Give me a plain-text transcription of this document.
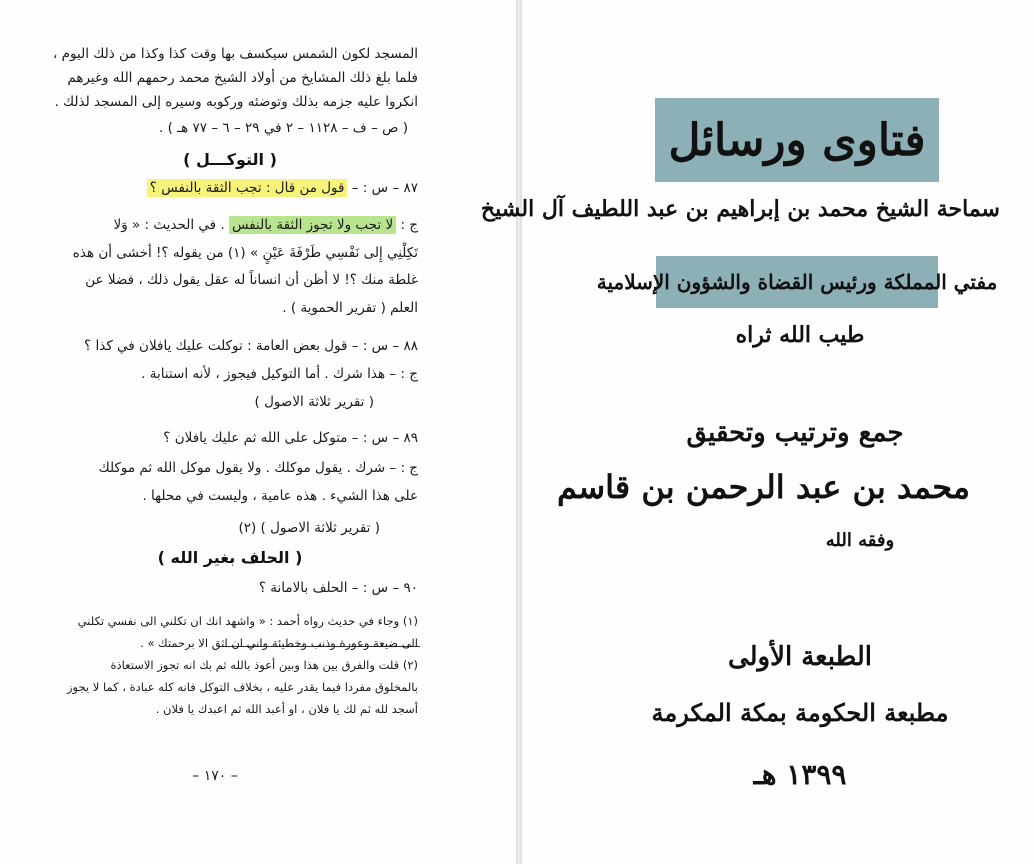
المسجد لكون الشمس سيكسف بها وقت كذا وكذا من ذلك اليوم ،
فلما بلغ ذلك المشايخ من أولاد الشيخ محمد رحمهم الله وغيرهم
انكروا عليه جزمه بذلك وتوضئه وركوبه وسيره إلى المسجد لذلك .
( ص – ف – ١١٢٨ – ٢ في ٢٩ – ٦ – ٧٧ هـ ) .
( التوكـــل )
٨٧ – س : – قول من قال : تجب الثقة بالنفس ؟
ج : لا تجب ولا تجوز الثقة بالنفس . في الحديث : « وَلا
تَكِلْنِي إِلى نَفْسِي طَرْفَةَ عَيْنٍ » (١) من يقوله ؟! أخشى أن هذه
غلطة منك ؟! لا أظن أن انساناً له عقل يقول ذلك ، فضلا عن
العلم ( تقرير الحموية ) .
٨٨ – س : – قول بعض العامة : توكلت عليك يافلان في كذا ؟
ج : – هذا شرك . أما التوكيل فيجوز ، لأنه استنابة .
( تقرير ثلاثة الاصول )
٨٩ – س : – متوكل على الله ثم عليك يافلان ؟
ج : – شرك . يقول موكلك . ولا يقول موكل الله ثم موكلك
على هذا الشيء . هذه عامية ، وليست في محلها .
( تقرير ثلاثة الاصول ) (٢)
( الحلف بغير الله )
٩٠ – س : – الحلف بالامانة ؟
(١) وجاء في حديث رواه أحمد : « واشهد انك ان تكلني الى نفسي تكلني
الى ضيعة وعورة وذنب وخطيئة واني ان اثق الا برحمتك » .
(٢) قلت والفرق بين هذا وبين أعوذ بالله ثم بك انه تجوز الاستعاذة
بالمخلوق مفردا فيما يقدر عليه ، بخلاف التوكل فانه كله عبادة ، كما لا يجوز
أسجد لله ثم لك يا فلان ، او أعبد الله ثم اعبدك يا فلان .
– ١٧٠ –
فتاوى ورسائل
سماحة الشيخ محمد بن إبراهيم بن عبد اللطيف آل الشيخ
مفتي المملكة ورئيس القضاة والشؤون الإسلامية
طيب الله ثراه
جمع وترتيب وتحقيق
محمد بن عبد الرحمن بن قاسم
وفقه الله
الطبعة الأولى
مطبعة الحكومة بمكة المكرمة
١٣٩٩ هـ
